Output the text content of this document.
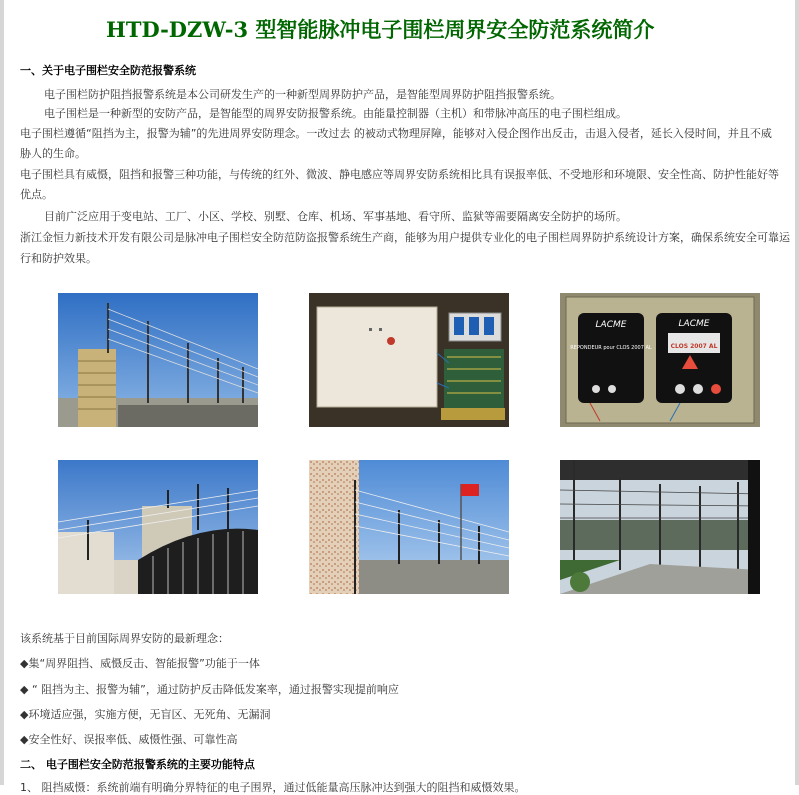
HTD-DZW-3 型智能脉冲电子围栏周界安全防范系统简介
一、关于电子围栏安全防范报警系统
电子围栏防护阻挡报警系统是本公司研发生产的一种新型周界防护产品，是智能型周界防护阻挡报警系统。
电子围栏是一种新型的安防产品，是智能型的周界安防报警系统。由能量控制器（主机）和带脉冲高压的电子围栏组成。
电子围栏遵循“阻挡为主，报警为辅”的先进周界安防理念。一改过去 的被动式物理屏障，能够对入侵企图作出反击，击退入侵者，延长入侵时间，并且不威
胁人的生命。
电子围栏具有威慑，阻挡和报警三种功能，与传统的红外、微波、静电感应等周界安防系统相比具有误报率低、不受地形和环境限、安全性高、防护性能好等
优点。
目前广泛应用于变电站、工厂、小区、学校、别墅、仓库、机场、军事基地、看守所、监狱等需要隔离安全防护的场所。
浙江金恒力新技术开发有限公司是脉冲电子围栏安全防范防盗报警系统生产商，能够为用户提供专业化的电子围栏周界防护系统设计方案，确保系统安全可靠运
行和防护效果。
LACME	LACME
REPONDEUR pour CLOS 2007 AL	CLOS 2007 AL
该系统基于目前国际周界安防的最新理念：
◆集“周界阻挡、威慑反击、智能报警”功能于一体
◆ “ 阻挡为主、报警为辅”，通过防护反击降低发案率，通过报警实现提前响应
◆环境适应强，实施方便，无盲区、无死角、无漏洞
◆安全性好、误报率低、威慑性强、可靠性高
二、 电子围栏安全防范报警系统的主要功能特点
1、 阻挡威慑：系统前端有明确分界特征的电子围界，通过低能量高压脉冲达到强大的阻挡和威慑效果。
